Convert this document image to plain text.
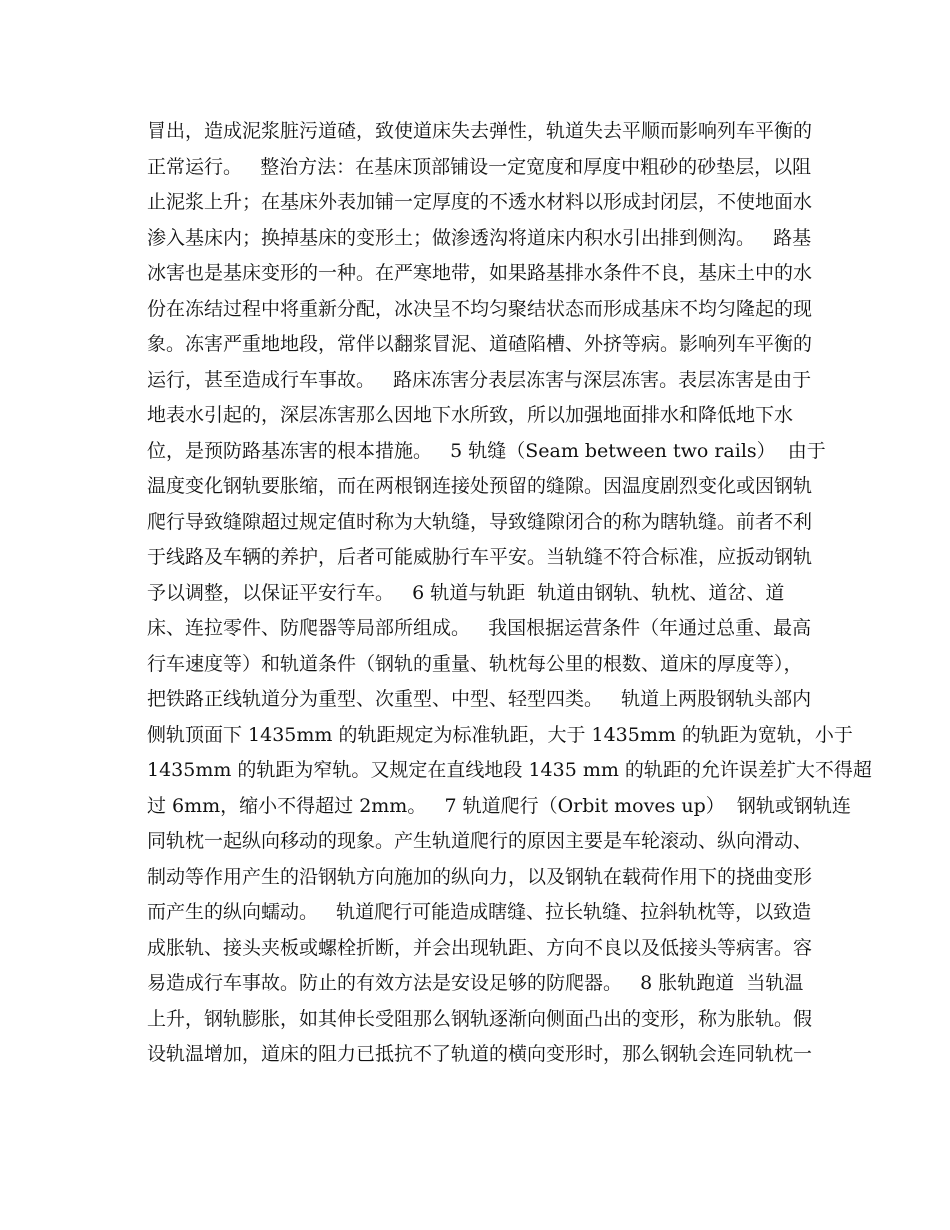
冒出，造成泥浆脏污道碴，致使道床失去弹性，轨道失去平顺而影响列车平衡的
正常运行。   整治方法：在基床顶部铺设一定宽度和厚度中粗砂的砂垫层，以阻
止泥浆上升；在基床外表加铺一定厚度的不透水材料以形成封闭层，不使地面水
渗入基床内；换掉基床的变形土；做渗透沟将道床内积水引出排到侧沟。   路基
冰害也是基床变形的一种。在严寒地带，如果路基排水条件不良，基床土中的水
份在冻结过程中将重新分配，冰决呈不均匀聚结状态而形成基床不均匀隆起的现
象。冻害严重地地段，常伴以翻浆冒泥、道碴陷槽、外挤等病。影响列车平衡的
运行，甚至造成行车事故。   路床冻害分表层冻害与深层冻害。表层冻害是由于
地表水引起的，深层冻害那么因地下水所致，所以加强地面排水和降低地下水
位，是预防路基冻害的根本措施。   5 轨缝（Seam between two rails）  由于
温度变化钢轨要胀缩，而在两根钢连接处预留的缝隙。因温度剧烈变化或因钢轨
爬行导致缝隙超过规定值时称为大轨缝，导致缝隙闭合的称为瞎轨缝。前者不利
于线路及车辆的养护，后者可能威胁行车平安。当轨缝不符合标准，应扳动钢轨
予以调整，以保证平安行车。   6 轨道与轨距  轨道由钢轨、轨枕、道岔、道
床、连拉零件、防爬器等局部所组成。   我国根据运营条件（年通过总重、最高
行车速度等）和轨道条件（钢轨的重量、轨枕每公里的根数、道床的厚度等），
把铁路正线轨道分为重型、次重型、中型、轻型四类。   轨道上两股钢轨头部内
侧轨顶面下 1435mm 的轨距规定为标准轨距，大于 1435mm 的轨距为宽轨，小于
1435mm 的轨距为窄轨。又规定在直线地段 1435 mm 的轨距的允许误差扩大不得超
过 6mm，缩小不得超过 2mm。   7 轨道爬行（Orbit moves up）  钢轨或钢轨连
同轨枕一起纵向移动的现象。产生轨道爬行的原因主要是车轮滚动、纵向滑动、
制动等作用产生的沿钢轨方向施加的纵向力，以及钢轨在载荷作用下的挠曲变形
而产生的纵向蠕动。   轨道爬行可能造成瞎缝、拉长轨缝、拉斜轨枕等，以致造
成胀轨、接头夹板或螺栓折断，并会出现轨距、方向不良以及低接头等病害。容
易造成行车事故。防止的有效方法是安设足够的防爬器。   8 胀轨跑道  当轨温
上升，钢轨膨胀，如其伸长受阻那么钢轨逐渐向侧面凸出的变形，称为胀轨。假
设轨温增加，道床的阻力已抵抗不了轨道的横向变形时，那么钢轨会连同轨枕一
